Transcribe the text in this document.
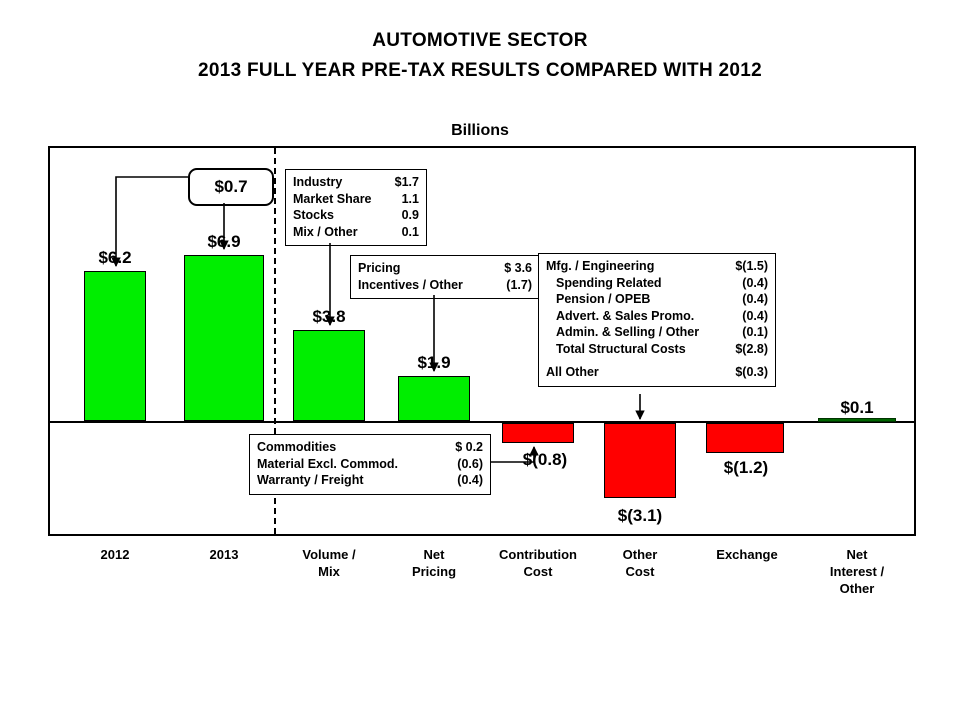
AUTOMOTIVE SECTOR
2013 FULL YEAR PRE-TAX RESULTS COMPARED WITH 2012
Billions
$6.2
$6.9
$3.8
$1.9
$(0.8)
$(3.1)
$(1.2)
$0.1
2012	2013	Volume /
Mix
Net
Pricing
Contribution
Cost
Other
Cost
Exchange	Net
Interest /
Other
$0.7	Industry	$1.7
Market Share	1.1
Stocks	0.9
Mix / Other	0.1
Pricing	$ 3.6
Incentives / Other	(1.7)
Commodities	$ 0.2
Material Excl. Commod.	(0.6)
Warranty / Freight	(0.4)
Mfg. / Engineering	$(1.5)
Spending Related	(0.4)
Pension / OPEB	(0.4)
Advert. & Sales Promo.	(0.4)
Admin. & Selling / Other	(0.1)
Total Structural Costs	$(2.8)
All Other	$(0.3)
